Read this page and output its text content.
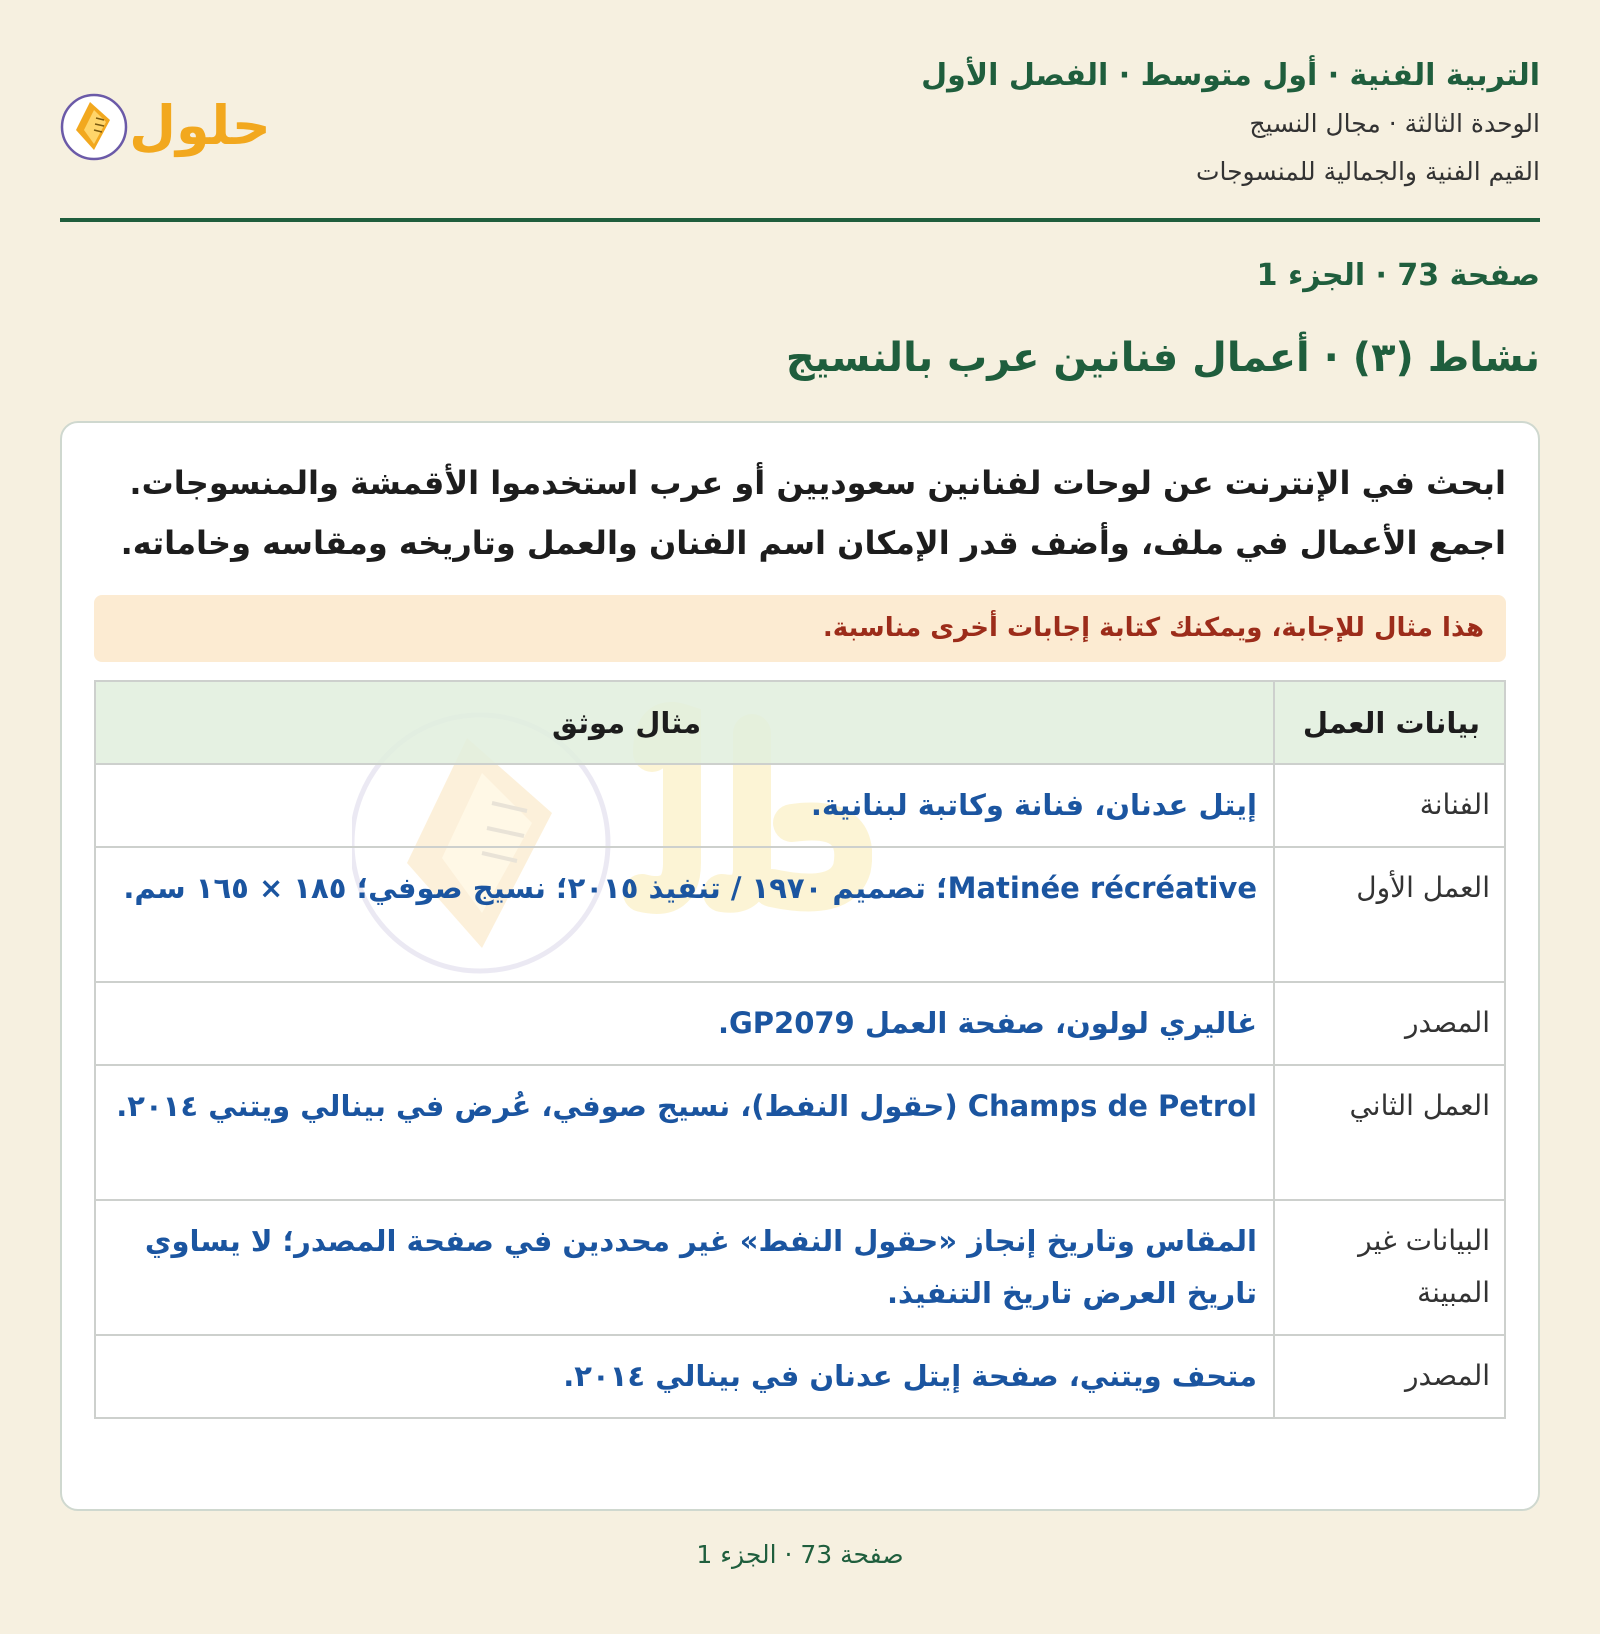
التربية الفنية · أول متوسط · الفصل الأول
الوحدة الثالثة · مجال النسيج
القيم الفنية والجمالية للمنسوجات
حلول
صفحة 73 · الجزء 1
نشاط (٣) · أعمال فنانين عرب بالنسيج
ابحث في الإنترنت عن لوحات لفنانين سعوديين أو عرب استخدموا الأقمشة والمنسوجات. اجمع الأعمال في ملف، وأضف قدر الإمكان اسم الفنان والعمل وتاريخه ومقاسه وخاماته.
هذا مثال للإجابة، ويمكنك كتابة إجابات أخرى مناسبة.
بيانات العمل	مثال موثق
الفنانة	إيتل عدنان، فنانة وكاتبة لبنانية.
العمل الأول	Matinée récréative؛ تصميم ١٩٧٠ / تنفيذ ٢٠١٥؛ نسيج صوفي؛ ١٨٥ × ١٦٥ سم.
المصدر	غاليري لولون، صفحة العمل GP2079.
العمل الثاني	Champs de Petrol (حقول النفط)، نسيج صوفي، عُرض في بينالي ويتني ٢٠١٤.
البيانات غير المبينة	المقاس وتاريخ إنجاز «حقول النفط» غير محددين في صفحة المصدر؛ لا يساوي تاريخ العرض تاريخ التنفيذ.
المصدر	متحف ويتني، صفحة إيتل عدنان في بينالي ٢٠١٤.
صفحة 73 · الجزء 1
